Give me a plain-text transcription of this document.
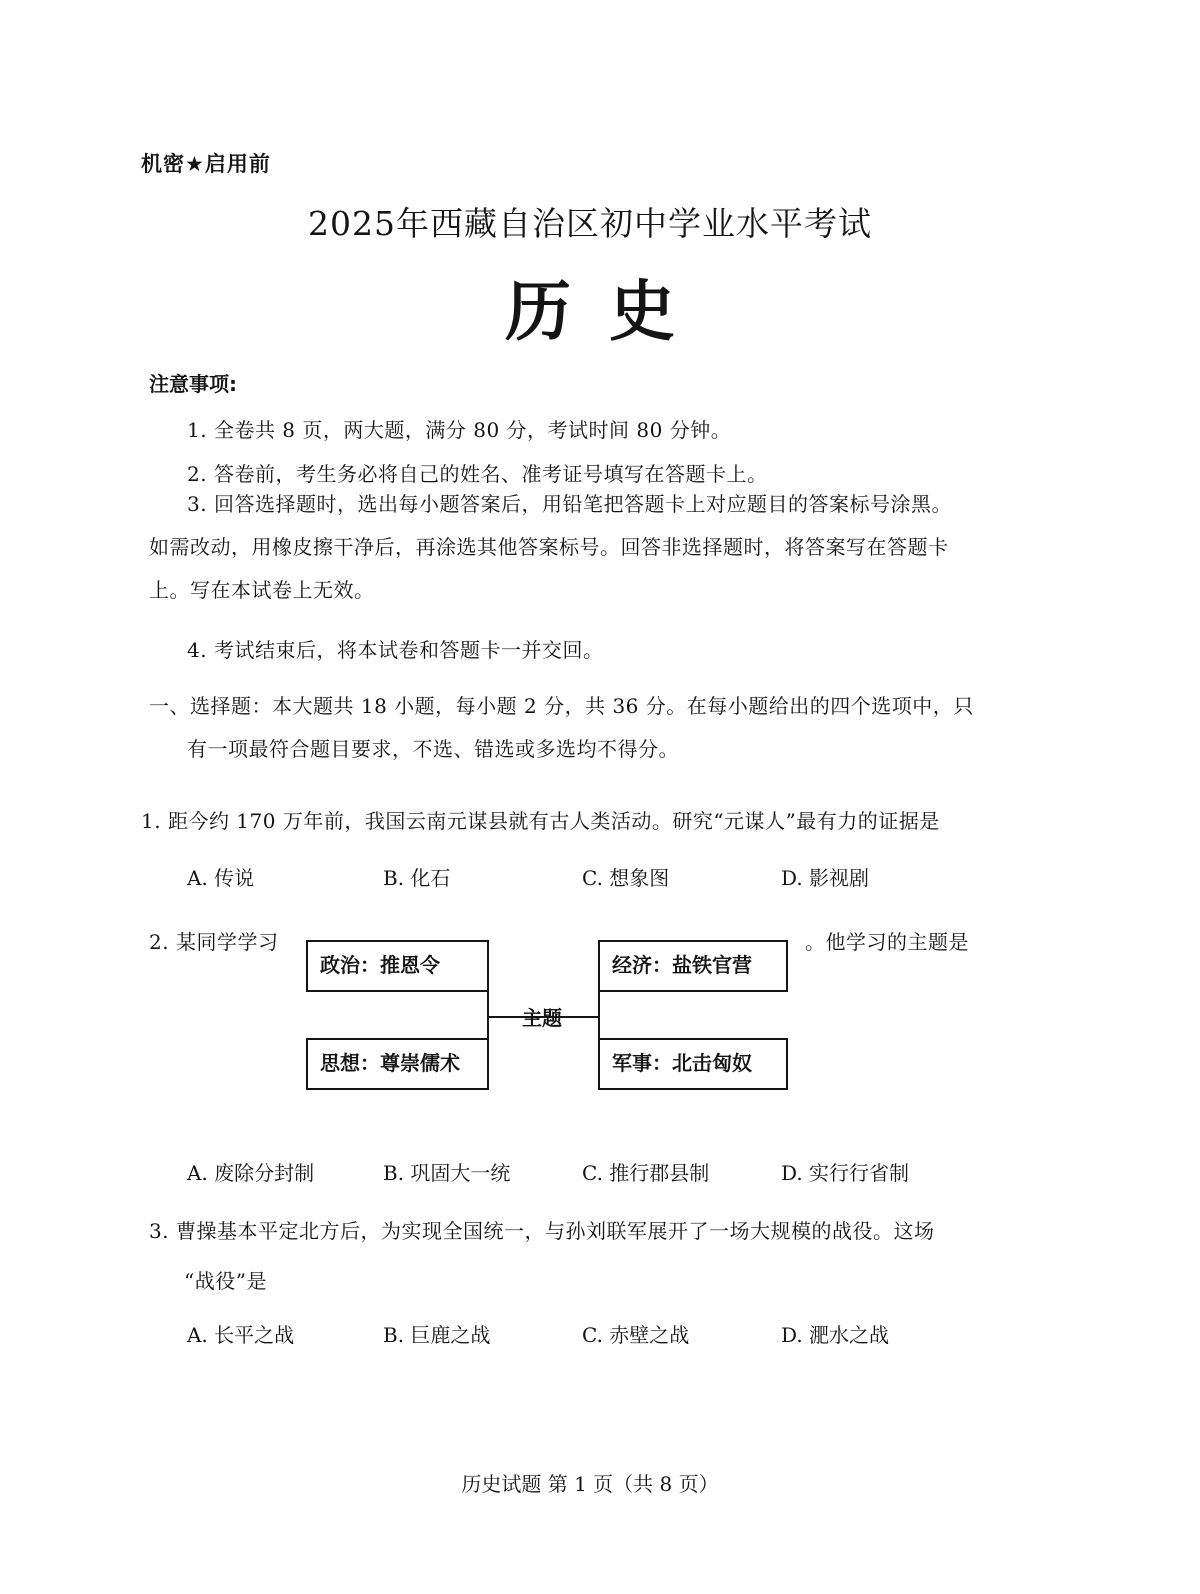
机密★启用前
2025年西藏自治区初中学业水平考试
历史
注意事项:
1. 全卷共 8 页，两大题，满分 80 分，考试时间 80 分钟。
2. 答卷前，考生务必将自己的姓名、准考证号填写在答题卡上。
3. 回答选择题时，选出每小题答案后，用铅笔把答题卡上对应题目的答案标号涂黑。
如需改动，用橡皮擦干净后，再涂选其他答案标号。回答非选择题时，将答案写在答题卡
上。写在本试卷上无效。
4. 考试结束后，将本试卷和答题卡一并交回。
一、选择题：本大题共 18 小题，每小题 2 分，共 36 分。在每小题给出的四个选项中，只
有一项最符合题目要求，不选、错选或多选均不得分。
1. 距今约 170 万年前，我国云南元谋县就有古人类活动。研究“元谋人”最有力的证据是
A. 传说	B. 化石	C. 想象图	D. 影视剧
2. 某同学学习	。他学习的主题是
政治：推恩令	经济：盐铁官营
主题
思想：尊崇儒术	军事：北击匈奴
A. 废除分封制	B. 巩固大一统	C. 推行郡县制	D. 实行行省制
3. 曹操基本平定北方后，为实现全国统一，与孙刘联军展开了一场大规模的战役。这场
“战役”是
A. 长平之战	B. 巨鹿之战	C. 赤壁之战	D. 淝水之战
历史试题 第 1 页（共 8 页）
